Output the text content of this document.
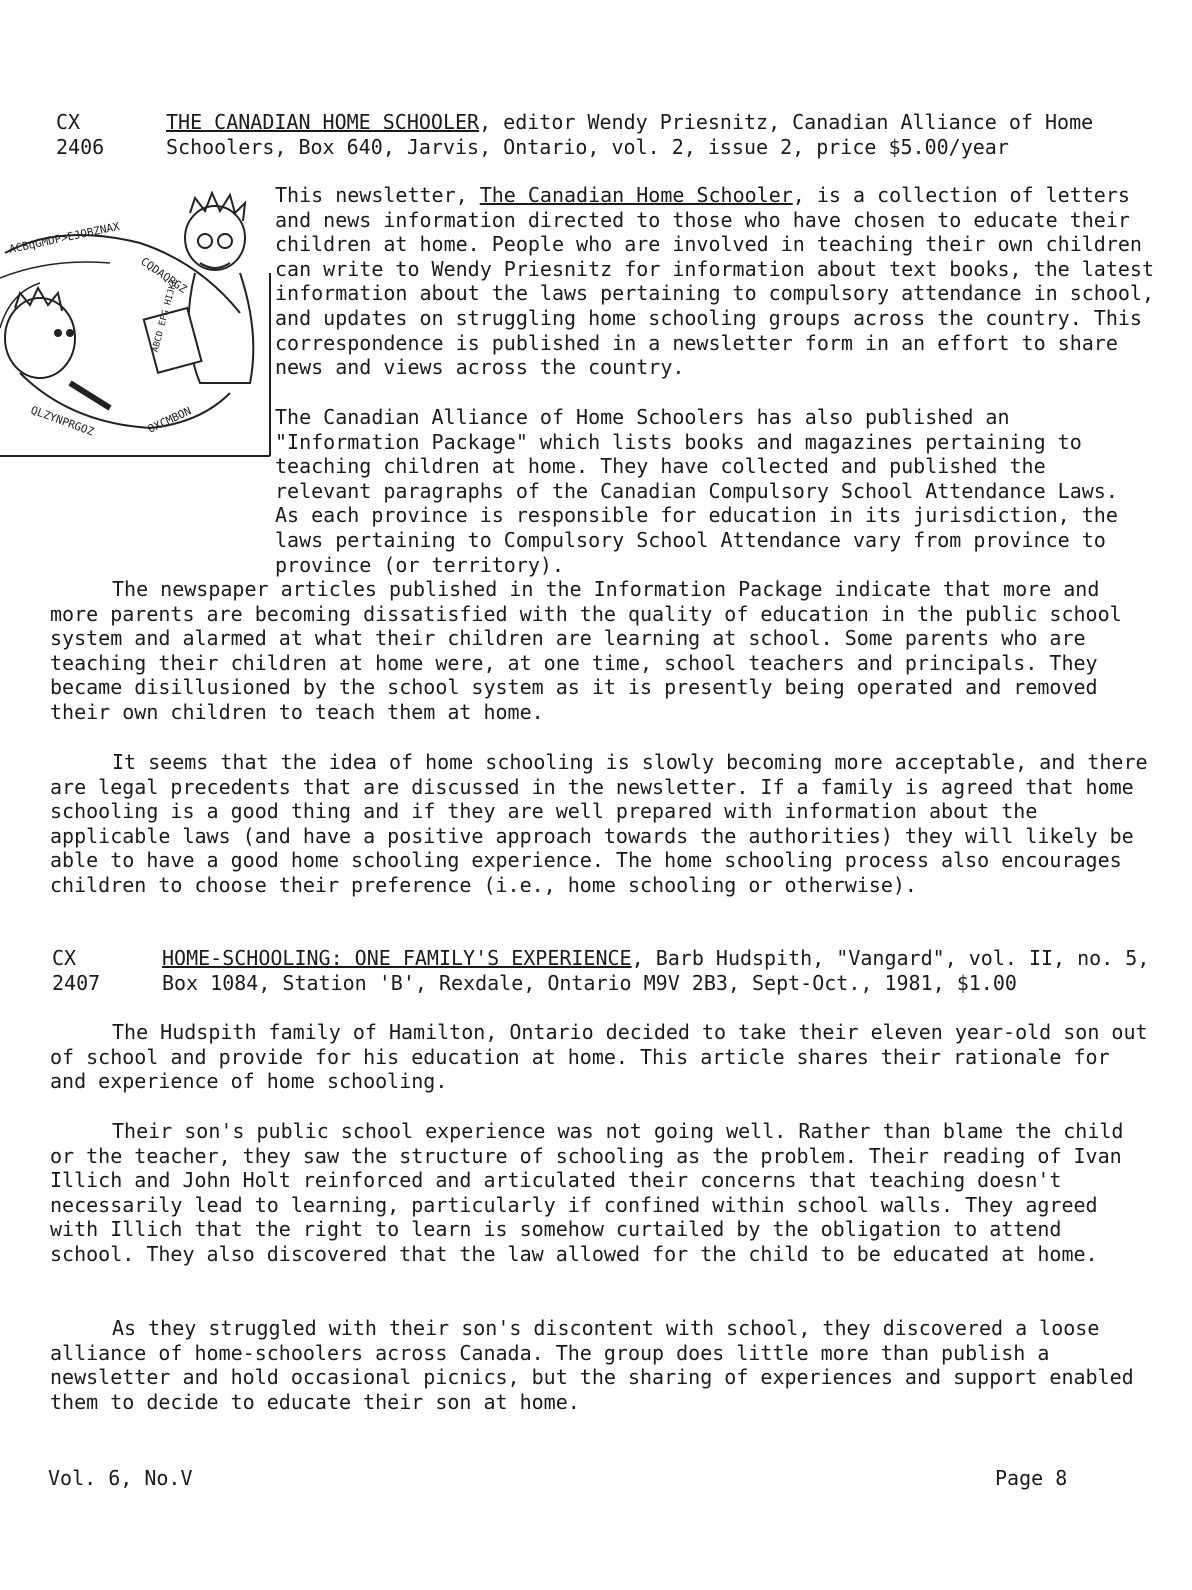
CX
2406
THE CANADIAN HOME SCHOOLER, editor Wendy Priesnitz, Canadian Alliance of Home Schoolers, Box 640, Jarvis, Ontario, vol. 2, issue 2, price $5.00/year
ACBqGMDP>EJOBZNAX
CQDAQRGZ
QLZYNPRGOZ	OXCMBON
ABCD EFG HIJKL
This newsletter, The Canadian Home Schooler, is a collection of letters and news information directed to those who have chosen to educate their children at home. People who are involved in teaching their own children can write to Wendy Priesnitz for information about text books, the latest information about the laws pertaining to compulsory attendance in school, and updates on struggling home schooling groups across the country. This correspondence is published in a newsletter form in an effort to share news and views across the country.
The Canadian Alliance of Home Schoolers has also published an "Information Package" which lists books and magazines pertaining to teaching children at home. They have collected and published the relevant paragraphs of the Canadian Compulsory School Attendance Laws. As each province is responsible for education in its jurisdiction, the laws pertaining to Compulsory School Attendance vary from province to province (or territory).
The newspaper articles published in the Information Package indicate that more and more parents are becoming dissatisfied with the quality of education in the public school system and alarmed at what their children are learning at school. Some parents who are teaching their children at home were, at one time, school teachers and principals. They became disillusioned by the school system as it is presently being operated and removed their own children to teach them at home.
It seems that the idea of home schooling is slowly becoming more acceptable, and there are legal precedents that are discussed in the newsletter. If a family is agreed that home schooling is a good thing and if they are well prepared with information about the applicable laws (and have a positive approach towards the authorities) they will likely be able to have a good home schooling experience. The home schooling process also encourages children to choose their preference (i.e., home schooling or otherwise).
CX
2407
HOME-SCHOOLING: ONE FAMILY'S EXPERIENCE, Barb Hudspith, "Vangard", vol. II, no. 5, Box 1084, Station 'B', Rexdale, Ontario M9V 2B3, Sept-Oct., 1981, $1.00
The Hudspith family of Hamilton, Ontario decided to take their eleven year-old son out of school and provide for his education at home. This article shares their rationale for and experience of home schooling.
Their son's public school experience was not going well. Rather than blame the child or the teacher, they saw the structure of schooling as the problem. Their reading of Ivan Illich and John Holt reinforced and articulated their concerns that teaching doesn't necessarily lead to learning, particularly if confined within school walls. They agreed with Illich that the right to learn is somehow curtailed by the obligation to attend school. They also discovered that the law allowed for the child to be educated at home.
As they struggled with their son's discontent with school, they discovered a loose alliance of home-schoolers across Canada. The group does little more than publish a newsletter and hold occasional picnics, but the sharing of experiences and support enabled them to decide to educate their son at home.
Vol. 6, No.V	Page 8
